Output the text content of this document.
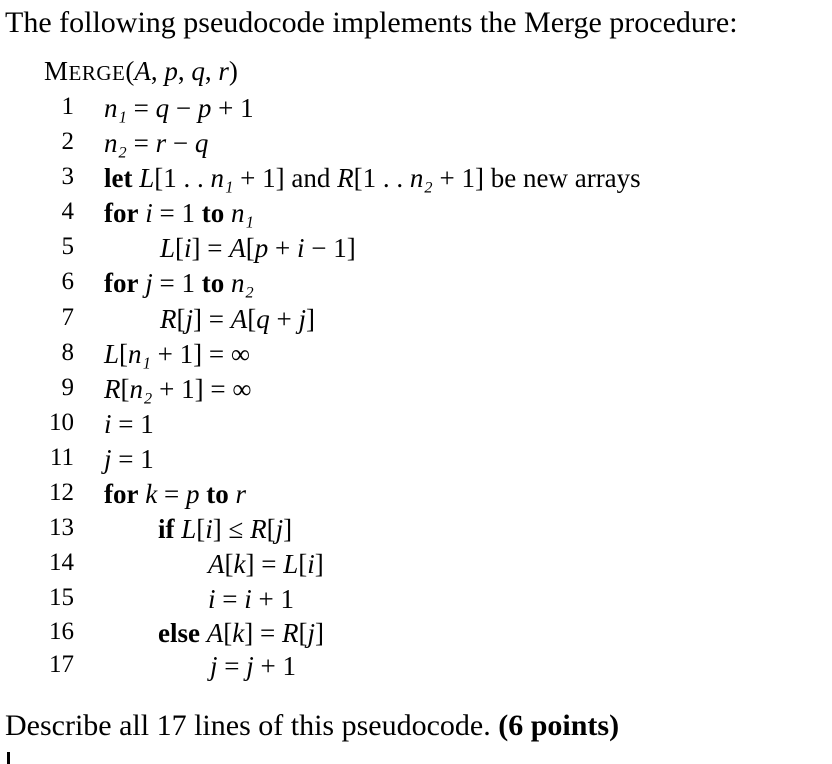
The following pseudocode implements the Merge procedure:
MERGE(A, p, q, r)
1 n₁ = q − p + 1
2 n₂ = r − q
3 let L[1 . . n₁ + 1] and R[1 . . n₂ + 1] be new arrays
4 for i = 1 to n₁
5	L[i] = A[p + i − 1]
6 for j = 1 to n₂
7	R[j] = A[q + j]
8 L[n₁ + 1] = ∞
9 R[n₂ + 1] = ∞
10 i = 1
11 j = 1
12 for k = p to r
13	if L[i] ≤ R[j]
14	A[k] = L[i]
15	i = i + 1
16	else A[k] = R[j]
17	j = j + 1
Describe all 17 lines of this pseudocode. (6 points)
